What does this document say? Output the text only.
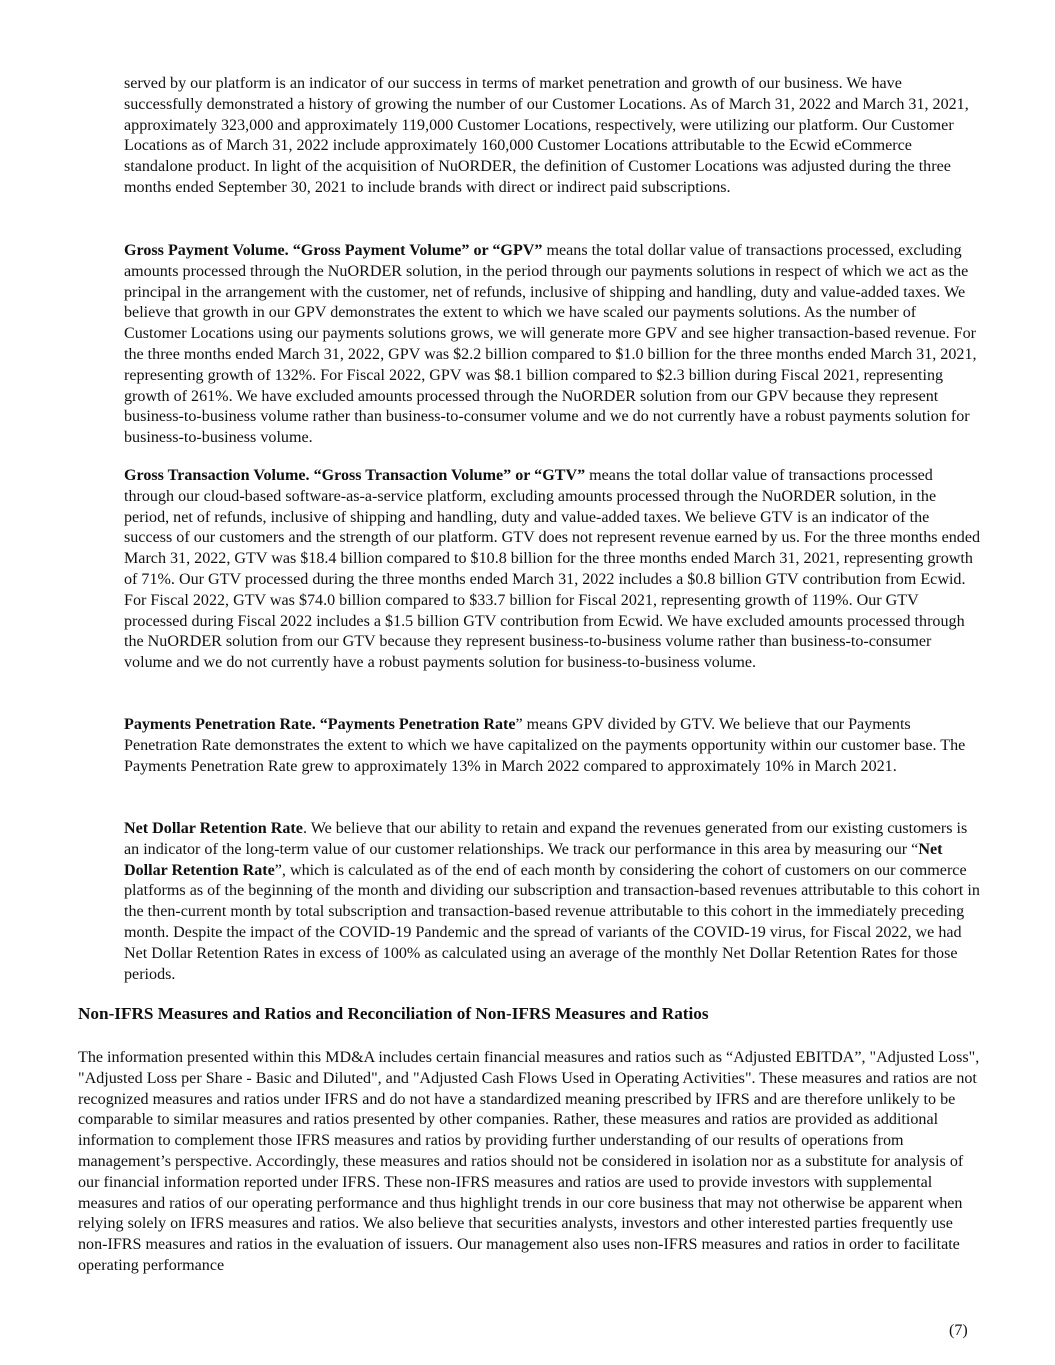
served by our platform is an indicator of our success in terms of market penetration and growth of our business. We have successfully demonstrated a history of growing the number of our Customer Locations. As of March 31, 2022 and March 31, 2021, approximately 323,000 and approximately 119,000 Customer Locations, respectively, were utilizing our platform. Our Customer Locations as of March 31, 2022 include approximately 160,000 Customer Locations attributable to the Ecwid eCommerce standalone product. In light of the acquisition of NuORDER, the definition of Customer Locations was adjusted during the three months ended September 30, 2021 to include brands with direct or indirect paid subscriptions.

Gross Payment Volume. “Gross Payment Volume” or “GPV” means the total dollar value of transactions processed, excluding amounts processed through the NuORDER solution, in the period through our payments solutions in respect of which we act as the principal in the arrangement with the customer, net of refunds, inclusive of shipping and handling, duty and value-added taxes. We believe that growth in our GPV demonstrates the extent to which we have scaled our payments solutions. As the number of Customer Locations using our payments solutions grows, we will generate more GPV and see higher transaction-based revenue. For the three months ended March 31, 2022, GPV was $2.2 billion compared to $1.0 billion for the three months ended March 31, 2021, representing growth of 132%. For Fiscal 2022, GPV was $8.1 billion compared to $2.3 billion during Fiscal 2021, representing growth of 261%. We have excluded amounts processed through the NuORDER solution from our GPV because they represent business-to-business volume rather than business-to-consumer volume and we do not currently have a robust payments solution for business-to-business volume.

Gross Transaction Volume. “Gross Transaction Volume” or “GTV” means the total dollar value of transactions processed through our cloud-based software-as-a-service platform, excluding amounts processed through the NuORDER solution, in the period, net of refunds, inclusive of shipping and handling, duty and value-added taxes. We believe GTV is an indicator of the success of our customers and the strength of our platform. GTV does not represent revenue earned by us. For the three months ended March 31, 2022, GTV was $18.4 billion compared to $10.8 billion for the three months ended March 31, 2021, representing growth of 71%. Our GTV processed during the three months ended March 31, 2022 includes a $0.8 billion GTV contribution from Ecwid. For Fiscal 2022, GTV was $74.0 billion compared to $33.7 billion for Fiscal 2021, representing growth of 119%. Our GTV processed during Fiscal 2022 includes a $1.5 billion GTV contribution from Ecwid. We have excluded amounts processed through the NuORDER solution from our GTV because they represent business-to-business volume rather than business-to-consumer volume and we do not currently have a robust payments solution for business-to-business volume.

Payments Penetration Rate. “Payments Penetration Rate” means GPV divided by GTV. We believe that our Payments Penetration Rate demonstrates the extent to which we have capitalized on the payments opportunity within our customer base. The Payments Penetration Rate grew to approximately 13% in March 2022 compared to approximately 10% in March 2021.

Net Dollar Retention Rate. We believe that our ability to retain and expand the revenues generated from our existing customers is an indicator of the long-term value of our customer relationships. We track our performance in this area by measuring our “Net Dollar Retention Rate”, which is calculated as of the end of each month by considering the cohort of customers on our commerce platforms as of the beginning of the month and dividing our subscription and transaction-based revenues attributable to this cohort in the then-current month by total subscription and transaction-based revenue attributable to this cohort in the immediately preceding month. Despite the impact of the COVID-19 Pandemic and the spread of variants of the COVID-19 virus, for Fiscal 2022, we had Net Dollar Retention Rates in excess of 100% as calculated using an average of the monthly Net Dollar Retention Rates for those periods.

Non-IFRS Measures and Ratios and Reconciliation of Non-IFRS Measures and Ratios

The information presented within this MD&A includes certain financial measures and ratios such as “Adjusted EBITDA”, "Adjusted Loss", "Adjusted Loss per Share - Basic and Diluted", and "Adjusted Cash Flows Used in Operating Activities". These measures and ratios are not recognized measures and ratios under IFRS and do not have a standardized meaning prescribed by IFRS and are therefore unlikely to be comparable to similar measures and ratios presented by other companies. Rather, these measures and ratios are provided as additional information to complement those IFRS measures and ratios by providing further understanding of our results of operations from management’s perspective. Accordingly, these measures and ratios should not be considered in isolation nor as a substitute for analysis of our financial information reported under IFRS. These non-IFRS measures and ratios are used to provide investors with supplemental measures and ratios of our operating performance and thus highlight trends in our core business that may not otherwise be apparent when relying solely on IFRS measures and ratios. We also believe that securities analysts, investors and other interested parties frequently use non-IFRS measures and ratios in the evaluation of issuers. Our management also uses non-IFRS measures and ratios in order to facilitate operating performance

(7)
